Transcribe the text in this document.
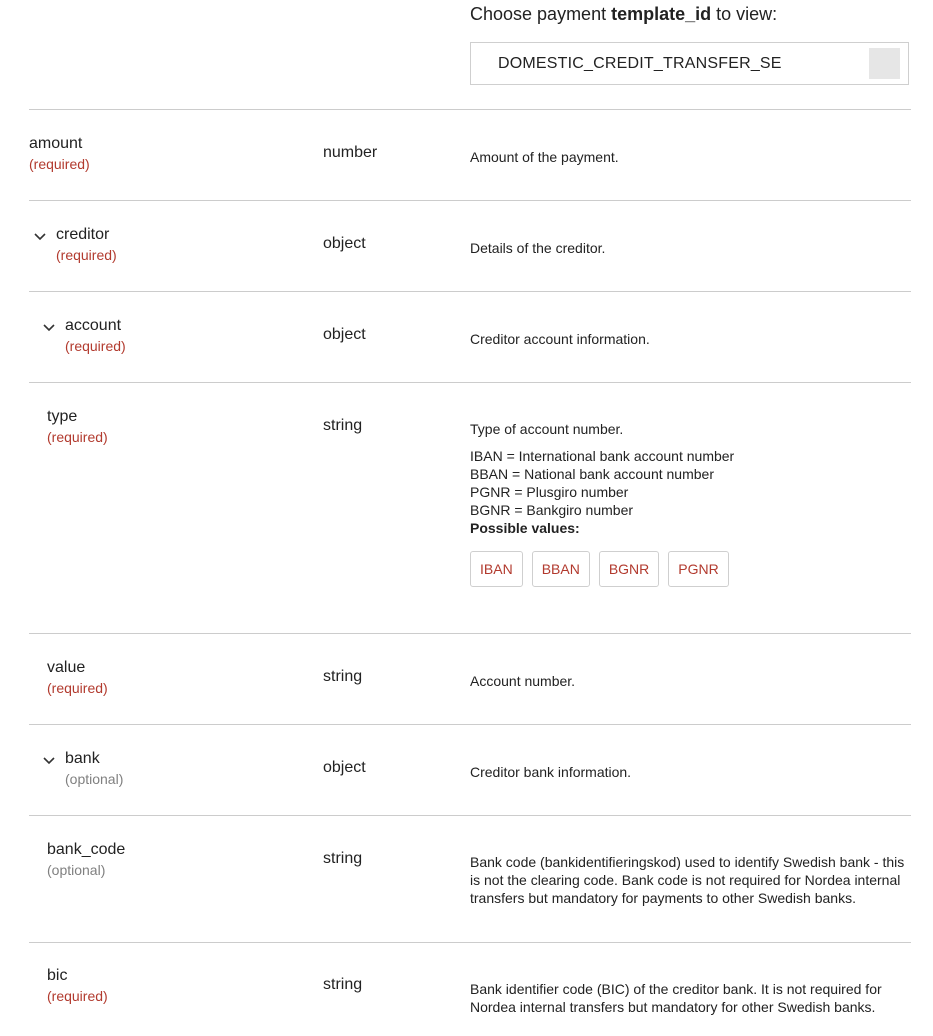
Choose payment template_id to view:
DOMESTIC_CREDIT_TRANSFER_SE
amount
(required)
number	Amount of the payment.
creditor
(required)
object	Details of the creditor.
account
(required)
object	Creditor account information.
type
(required)
string	Type of account number.

IBAN = International bank account number

BBAN = National bank account number

PGNR = Plusgiro number

BGNR = Bankgiro number

Possible values:

IBAN	BBAN	BGNR	PGNR
value
(required)
string	Account number.
bank
(optional)
object	Creditor bank information.
bank_code
(optional)
string	Bank code (bankidentifieringskod) used to identify Swedish bank - this is not the clearing code. Bank code is not required for Nordea internal transfers but mandatory for payments to other Swedish banks.
bic
(required)
string	Bank identifier code (BIC) of the creditor bank. It is not required for Nordea internal transfers but mandatory for other Swedish banks.
